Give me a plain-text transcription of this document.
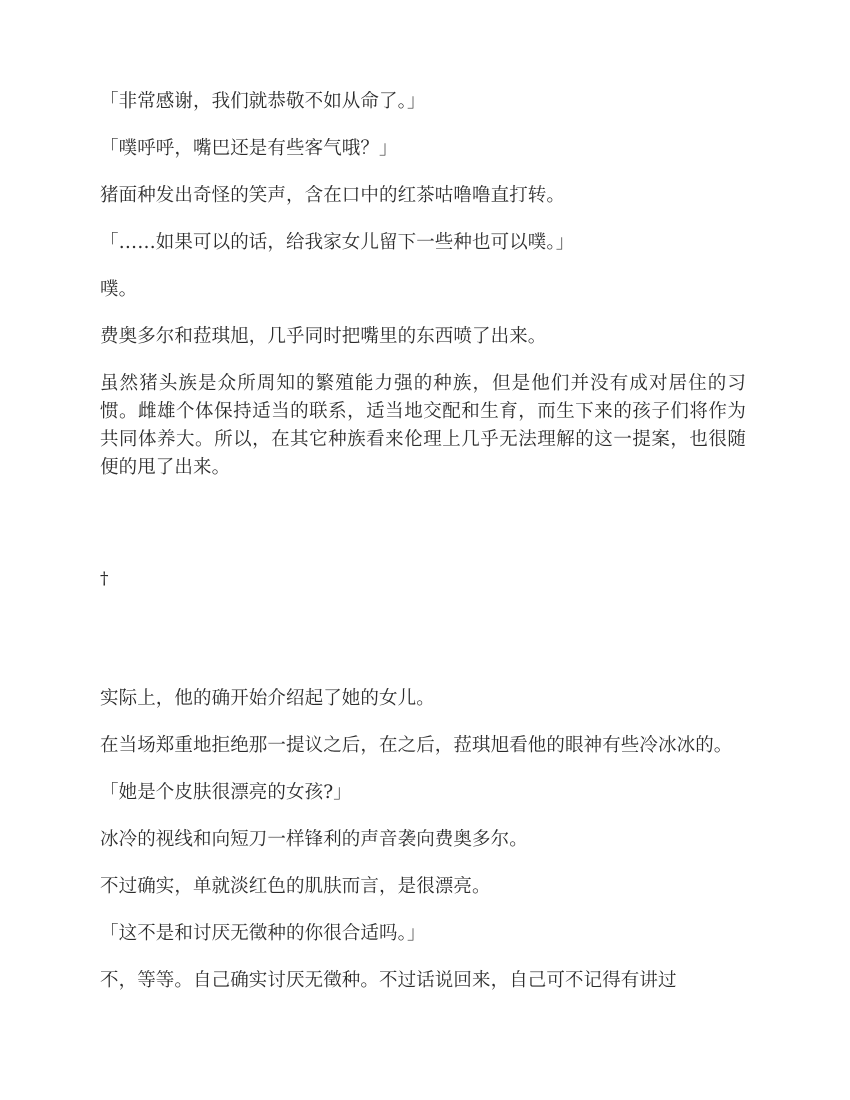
「非常感谢，我们就恭敬不如从命了。」

「噗呼呼，嘴巴还是有些客气哦？」

猪面种发出奇怪的笑声，含在口中的红茶咕噜噜直打转。

「……如果可以的话，给我家女儿留下一些种也可以噗。」

噗。

费奥多尔和菈琪旭，几乎同时把嘴里的东西喷了出来。

虽然猪头族是众所周知的繁殖能力强的种族，但是他们并没有成对居住的习惯。雌雄个体保持适当的联系，适当地交配和生育，而生下来的孩子们将作为共同体养大。所以，在其它种族看来伦理上几乎无法理解的这一提案，也很随便的甩了出来。

†

实际上，他的确开始介绍起了她的女儿。

在当场郑重地拒绝那一提议之后，在之后，菈琪旭看他的眼神有些冷冰冰的。

「她是个皮肤很漂亮的女孩?」

冰冷的视线和向短刀一样锋利的声音袭向费奥多尔。

不过确实，单就淡红色的肌肤而言，是很漂亮。

「这不是和讨厌无徵种的你很合适吗。」

不，等等。自己确实讨厌无徵种。不过话说回来，自己可不记得有讲过
